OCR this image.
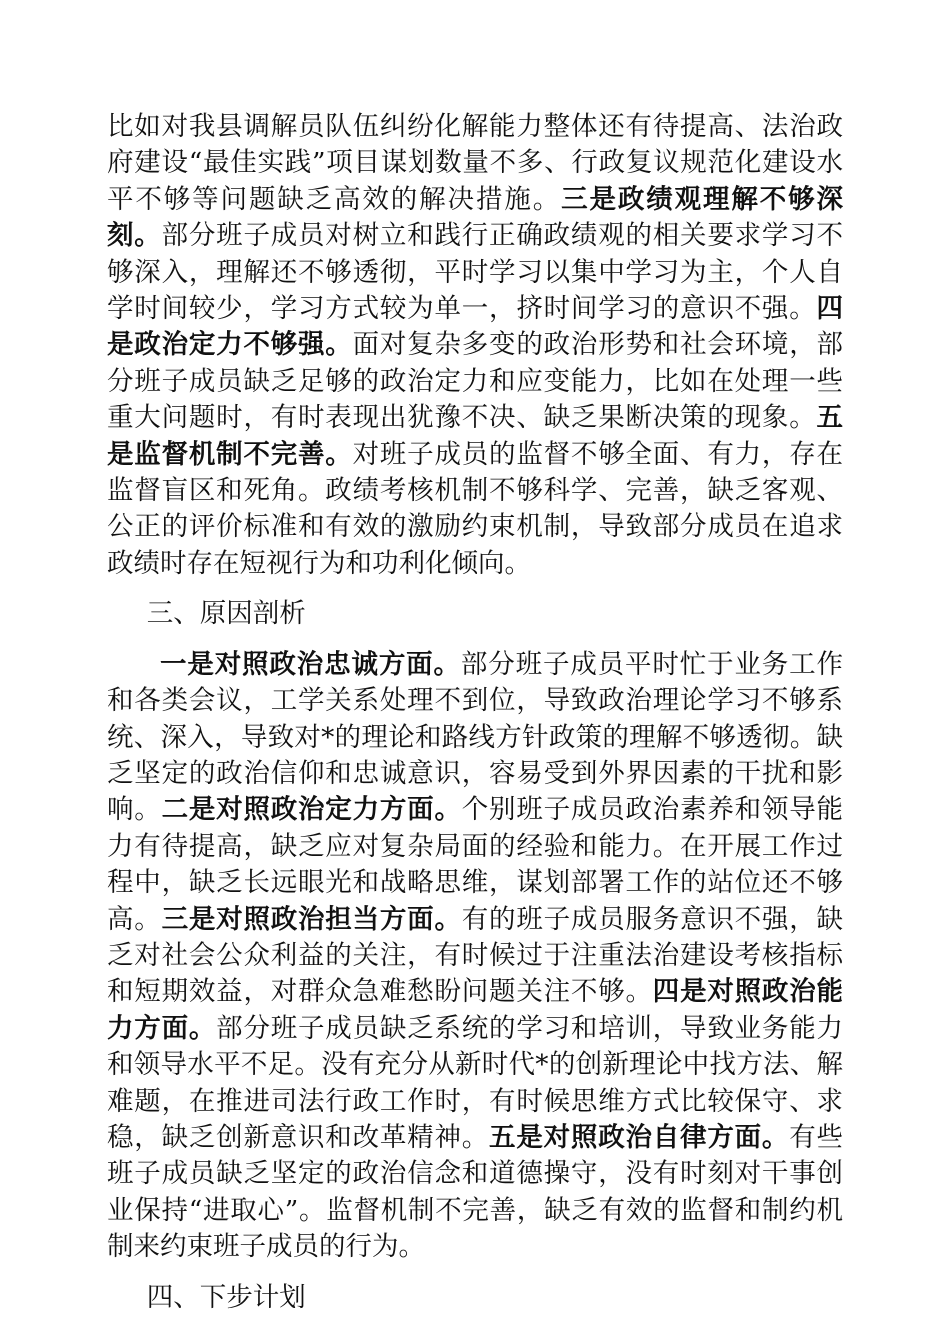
比如对我县调解员队伍纠纷化解能力整体还有待提高、法治政府建设“最佳实践”项目谋划数量不多、行政复议规范化建设水平不够等问题缺乏高效的解决措施。三是政绩观理解不够深刻。部分班子成员对树立和践行正确政绩观的相关要求学习不够深入，理解还不够透彻，平时学习以集中学习为主，个人自学时间较少，学习方式较为单一，挤时间学习的意识不强。四是政治定力不够强。面对复杂多变的政治形势和社会环境，部分班子成员缺乏足够的政治定力和应变能力，比如在处理一些重大问题时，有时表现出犹豫不决、缺乏果断决策的现象。五是监督机制不完善。对班子成员的监督不够全面、有力，存在监督盲区和死角。政绩考核机制不够科学、完善，缺乏客观、公正的评价标准和有效的激励约束机制，导致部分成员在追求政绩时存在短视行为和功利化倾向。

三、原因剖析

一是对照政治忠诚方面。部分班子成员平时忙于业务工作和各类会议，工学关系处理不到位，导致政治理论学习不够系统、深入，导致对*的理论和路线方针政策的理解不够透彻。缺乏坚定的政治信仰和忠诚意识，容易受到外界因素的干扰和影响。二是对照政治定力方面。个别班子成员政治素养和领导能力有待提高，缺乏应对复杂局面的经验和能力。在开展工作过程中，缺乏长远眼光和战略思维，谋划部署工作的站位还不够高。三是对照政治担当方面。有的班子成员服务意识不强，缺乏对社会公众利益的关注，有时候过于注重法治建设考核指标和短期效益，对群众急难愁盼问题关注不够。四是对照政治能力方面。部分班子成员缺乏系统的学习和培训，导致业务能力和领导水平不足。没有充分从新时代*的创新理论中找方法、解难题，在推进司法行政工作时，有时候思维方式比较保守、求稳，缺乏创新意识和改革精神。五是对照政治自律方面。有些班子成员缺乏坚定的政治信念和道德操守，没有时刻对干事创业保持“进取心”。监督机制不完善，缺乏有效的监督和制约机制来约束班子成员的行为。

四、下步计划
